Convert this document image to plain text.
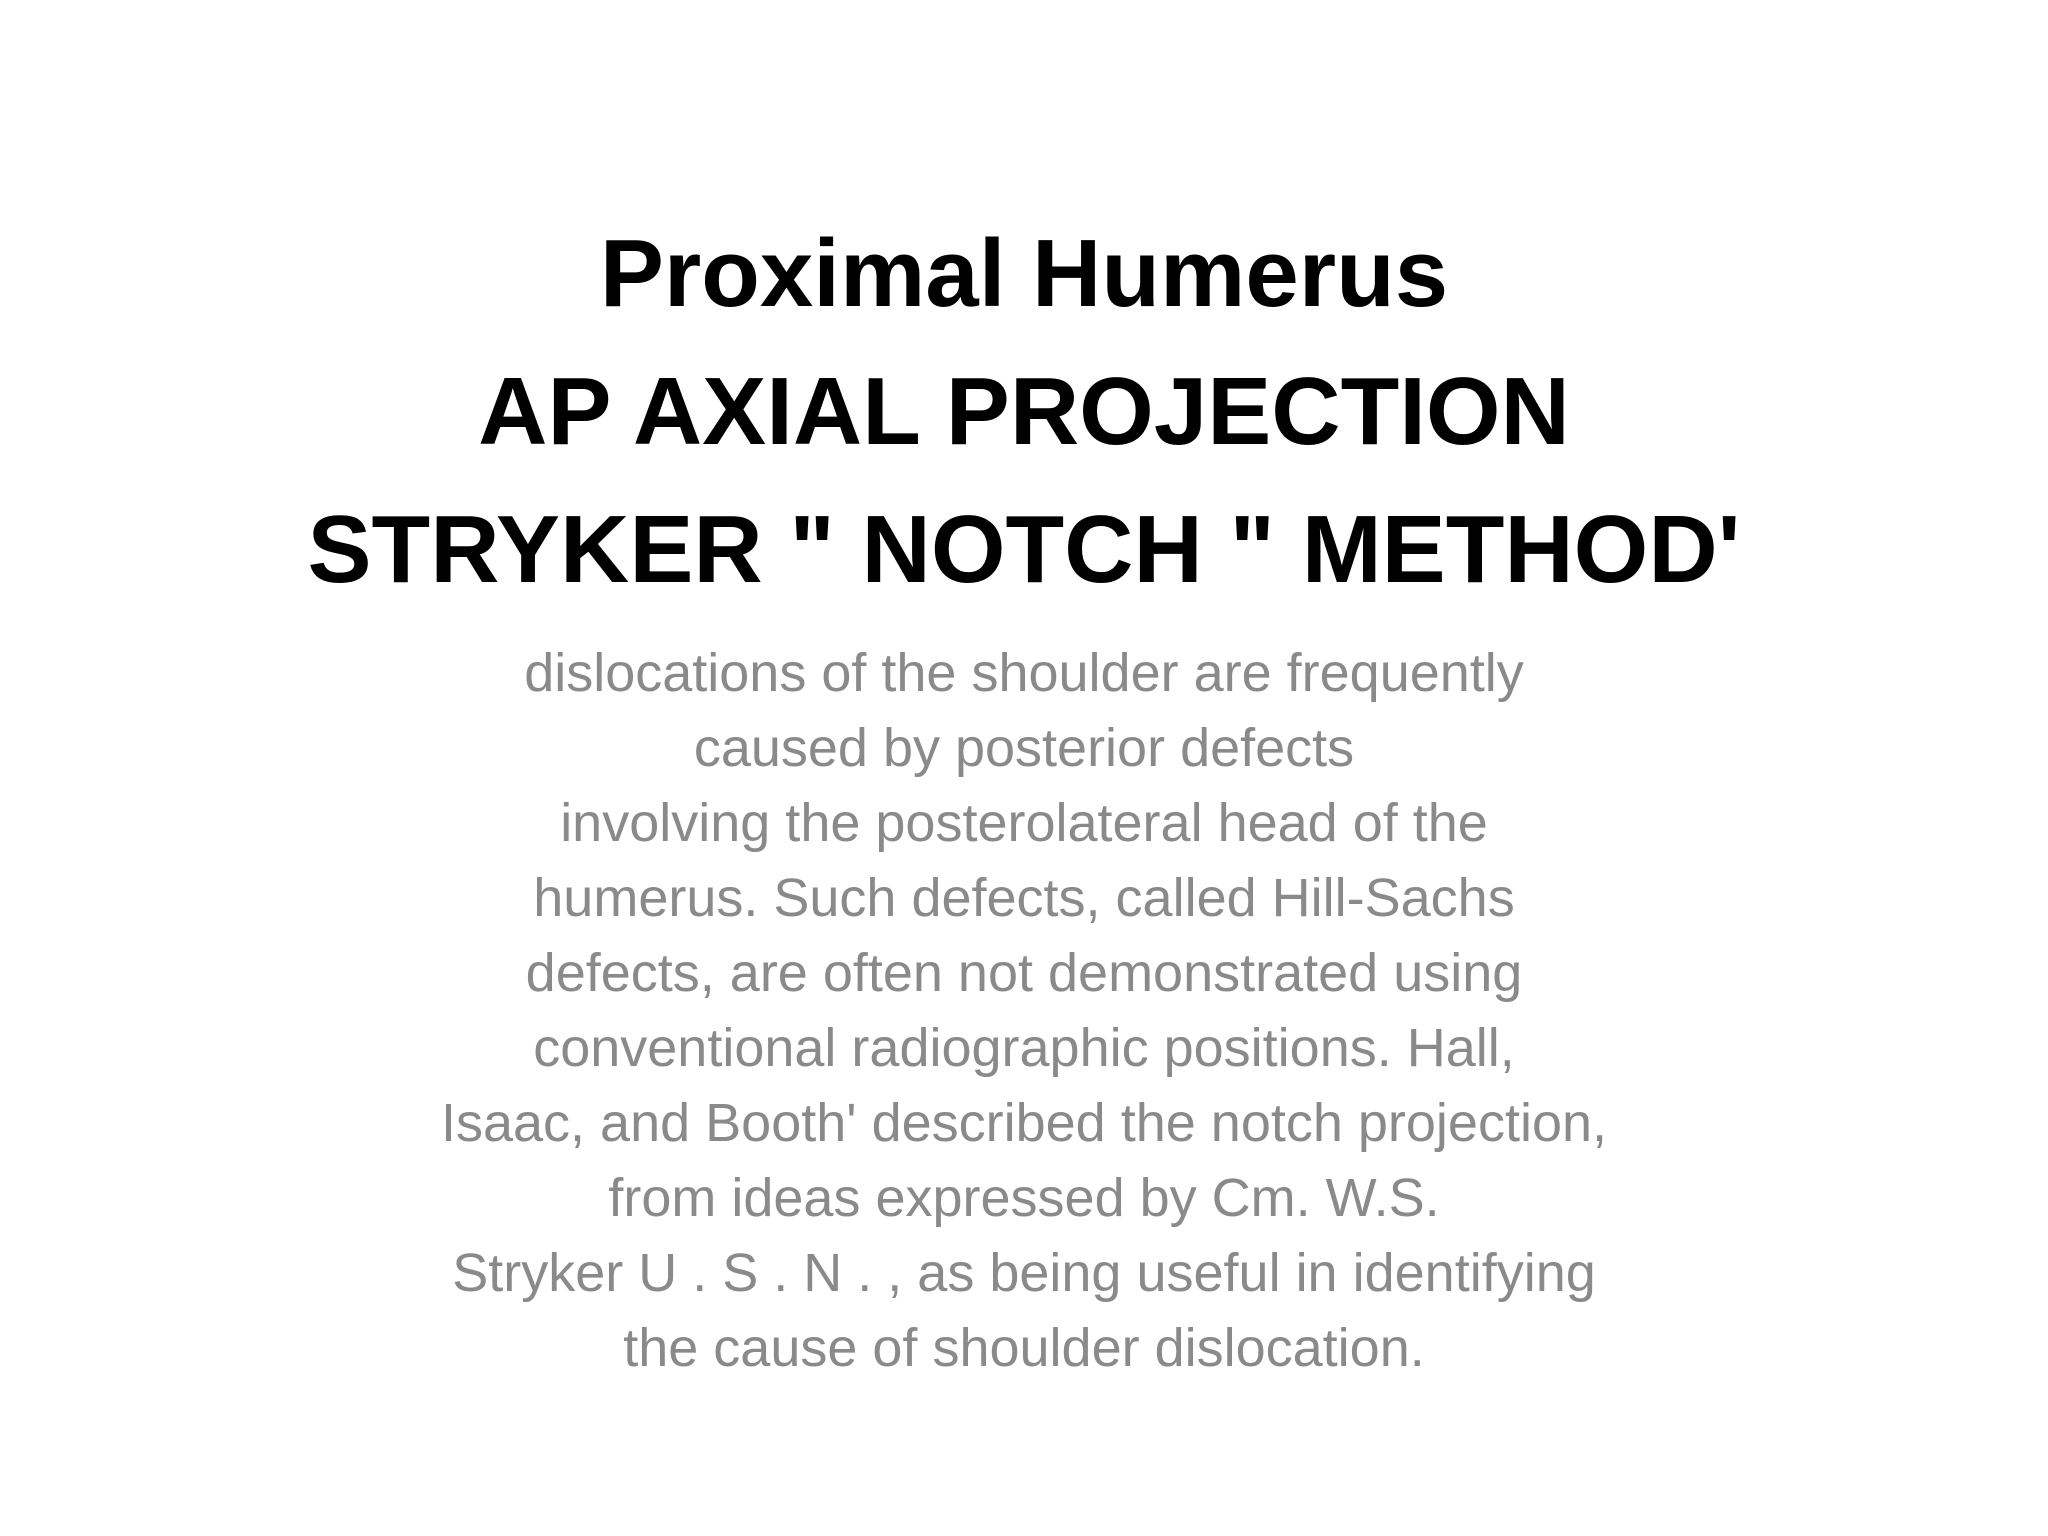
Proximal Humerus
AP AXIAL PROJECTION
STRYKER " NOTCH " METHOD'
dislocations of the shoulder are frequently
caused by posterior defects
involving the posterolateral head of the
humerus. Such defects, called Hill-Sachs
defects, are often not demonstrated using
conventional radiographic positions. Hall,
Isaac, and Booth' described the notch projection,
from ideas expressed by Cm. W.S.
Stryker U . S . N . , as being useful in identifying
the cause of shoulder dislocation.
